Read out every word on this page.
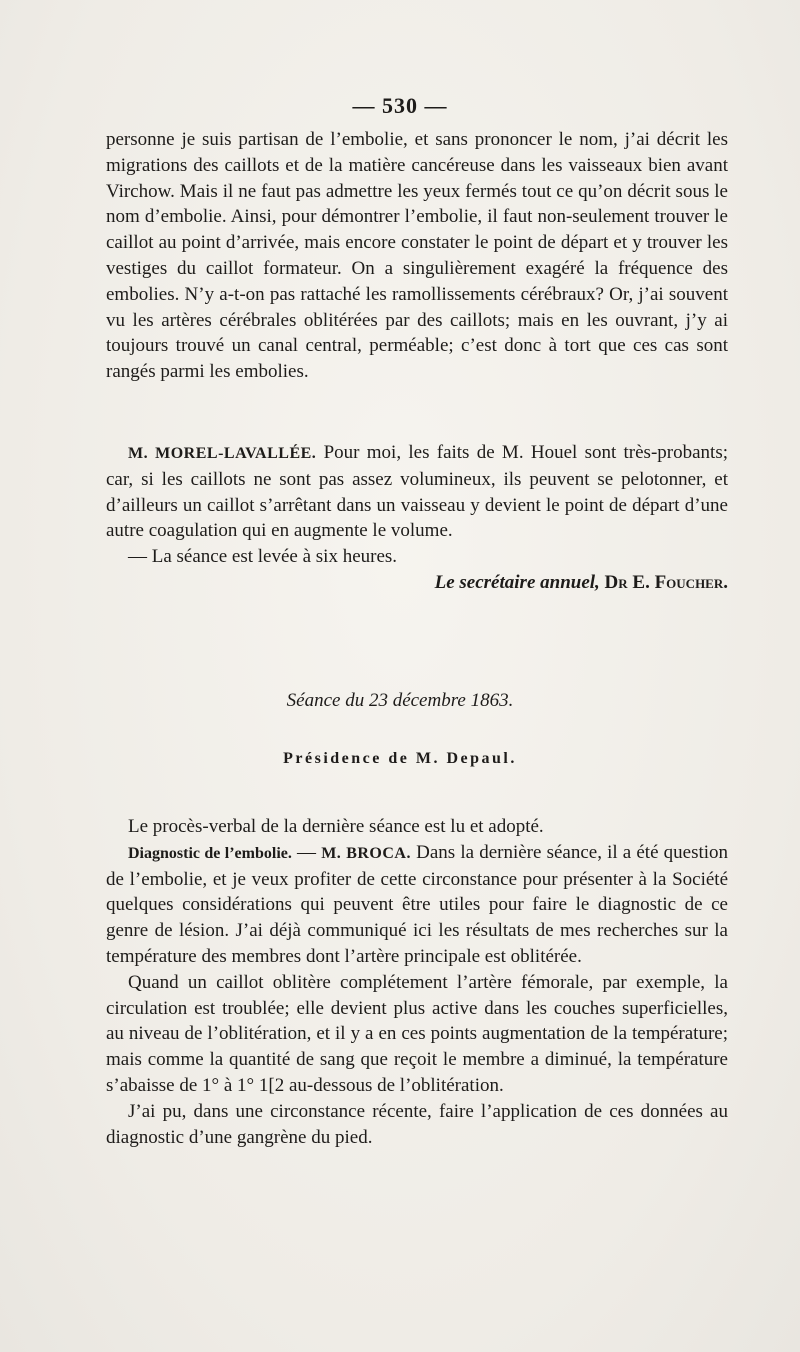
— 530 —

personne je suis partisan de l’embolie, et sans prononcer le nom, j’ai décrit les migrations des caillots et de la matière cancéreuse dans les vaisseaux bien avant Virchow. Mais il ne faut pas admettre les yeux fermés tout ce qu’on décrit sous le nom d’embolie. Ainsi, pour démontrer l’embolie, il faut non-seulement trouver le caillot au point d’arrivée, mais encore constater le point de départ et y trouver les vestiges du caillot formateur. On a singulièrement exagéré la fréquence des embolies. N’y a-t-on pas rattaché les ramollissements cérébraux? Or, j’ai souvent vu les artères cérébrales oblitérées par des caillots; mais en les ouvrant, j’y ai toujours trouvé un canal central, perméable; c’est donc à tort que ces cas sont rangés parmi les embolies.

M. MOREL-LAVALLÉE. Pour moi, les faits de M. Houel sont très-probants; car, si les caillots ne sont pas assez volumineux, ils peuvent se pelotonner, et d’ailleurs un caillot s’arrêtant dans un vaisseau y devient le point de départ d’une autre coagulation qui en augmente le volume.

— La séance est levée à six heures.

Le secrétaire annuel, Dr E. Foucher.

Séance du 23 décembre 1863.
Présidence de M. Depaul.

Le procès-verbal de la dernière séance est lu et adopté.

Diagnostic de l’embolie. — M. BROCA. Dans la dernière séance, il a été question de l’embolie, et je veux profiter de cette circonstance pour présenter à la Société quelques considérations qui peuvent être utiles pour faire le diagnostic de ce genre de lésion. J’ai déjà communiqué ici les résultats de mes recherches sur la température des membres dont l’artère principale est oblitérée.

Quand un caillot oblitère complétement l’artère fémorale, par exemple, la circulation est troublée; elle devient plus active dans les couches superficielles, au niveau de l’oblitération, et il y a en ces points augmentation de la température; mais comme la quantité de sang que reçoit le membre a diminué, la température s’abaisse de 1° à 1° 1[2 au-dessous de l’oblitération.

J’ai pu, dans une circonstance récente, faire l’application de ces données au diagnostic d’une gangrène du pied.
